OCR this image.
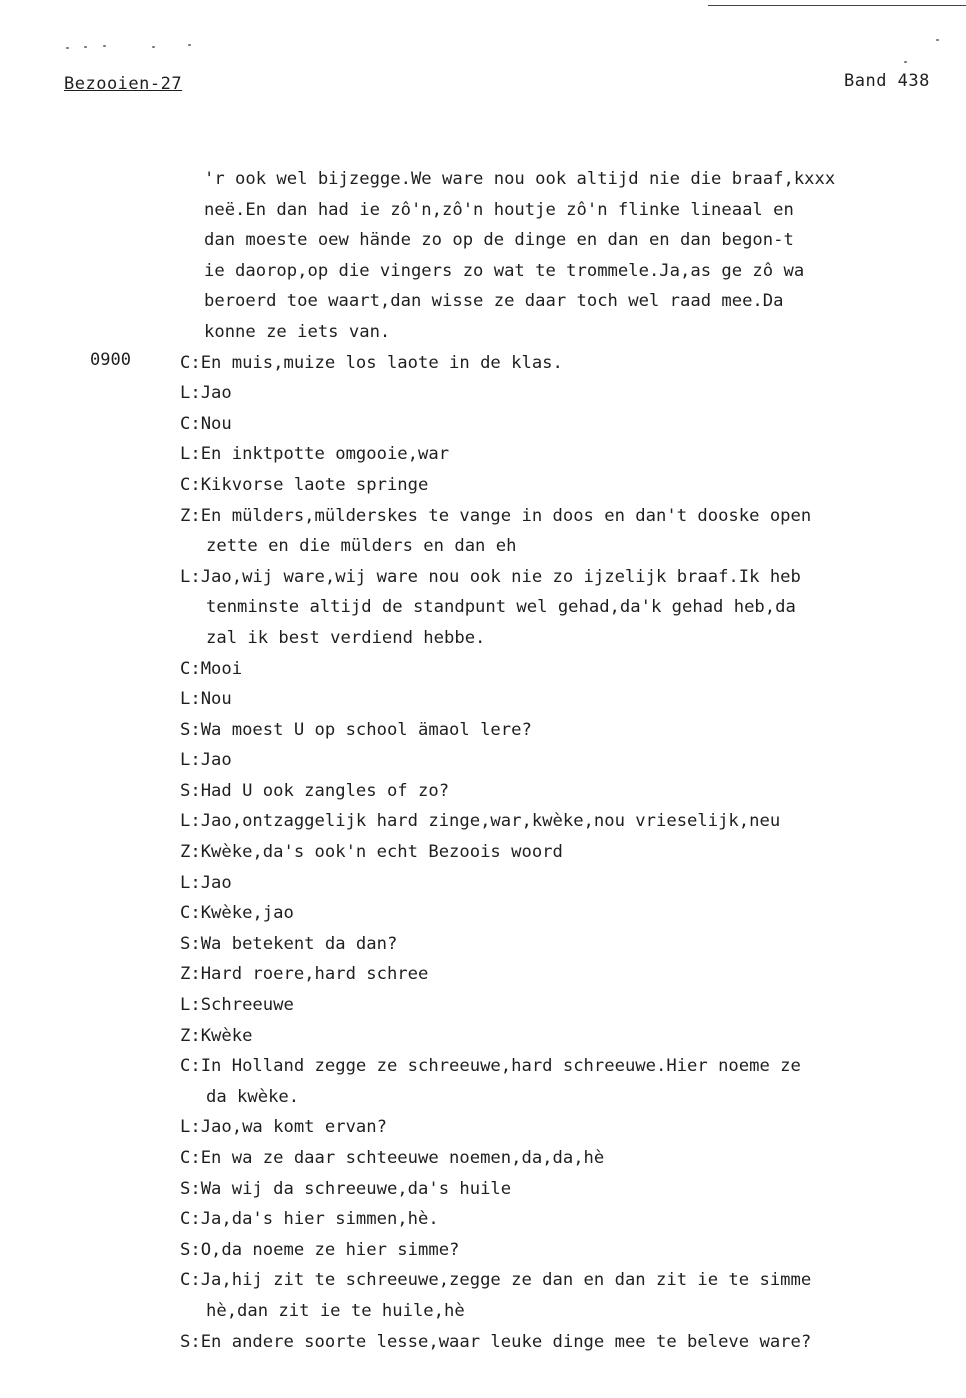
Bezooien-27	Band 438
0900
'r ook wel bijzegge.We ware nou ook altijd nie die braaf,kxxx
neë.En dan had ie zô'n,zô'n houtje zô'n flinke lineaal en
dan moeste oew hände zo op de dinge en dan en dan begon-t
ie daorop,op die vingers zo wat te trommele.Ja,as ge zô wa
beroerd toe waart,dan wisse ze daar toch wel raad mee.Da
konne ze iets van.
C:En muis,muize los laote in de klas.
L:Jao
C:Nou
L:En inktpotte omgooie,war
C:Kikvorse laote springe
Z:En mülders,mülderskes te vange in doos en dan't dooske open
zette en die mülders en dan eh
L:Jao,wij ware,wij ware nou ook nie zo ijzelijk braaf.Ik heb
tenminste altijd de standpunt wel gehad,da'k gehad heb,da
zal ik best verdiend hebbe.
C:Mooi
L:Nou
S:Wa moest U op school ämaol lere?
L:Jao
S:Had U ook zangles of zo?
L:Jao,ontzaggelijk hard zinge,war,kwèke,nou vrieselijk,neu
Z:Kwèke,da's ook'n echt Bezoois woord
L:Jao
C:Kwèke,jao
S:Wa betekent da dan?
Z:Hard roere,hard schree
L:Schreeuwe
Z:Kwèke
C:In Holland zegge ze schreeuwe,hard schreeuwe.Hier noeme ze
da kwèke.
L:Jao,wa komt ervan?
C:En wa ze daar schteeuwe noemen,da,da,hè
S:Wa wij da schreeuwe,da's huile
C:Ja,da's hier simmen,hè.
S:O,da noeme ze hier simme?
C:Ja,hij zit te schreeuwe,zegge ze dan en dan zit ie te simme
hè,dan zit ie te huile,hè
S:En andere soorte lesse,waar leuke dinge mee te beleve ware?
